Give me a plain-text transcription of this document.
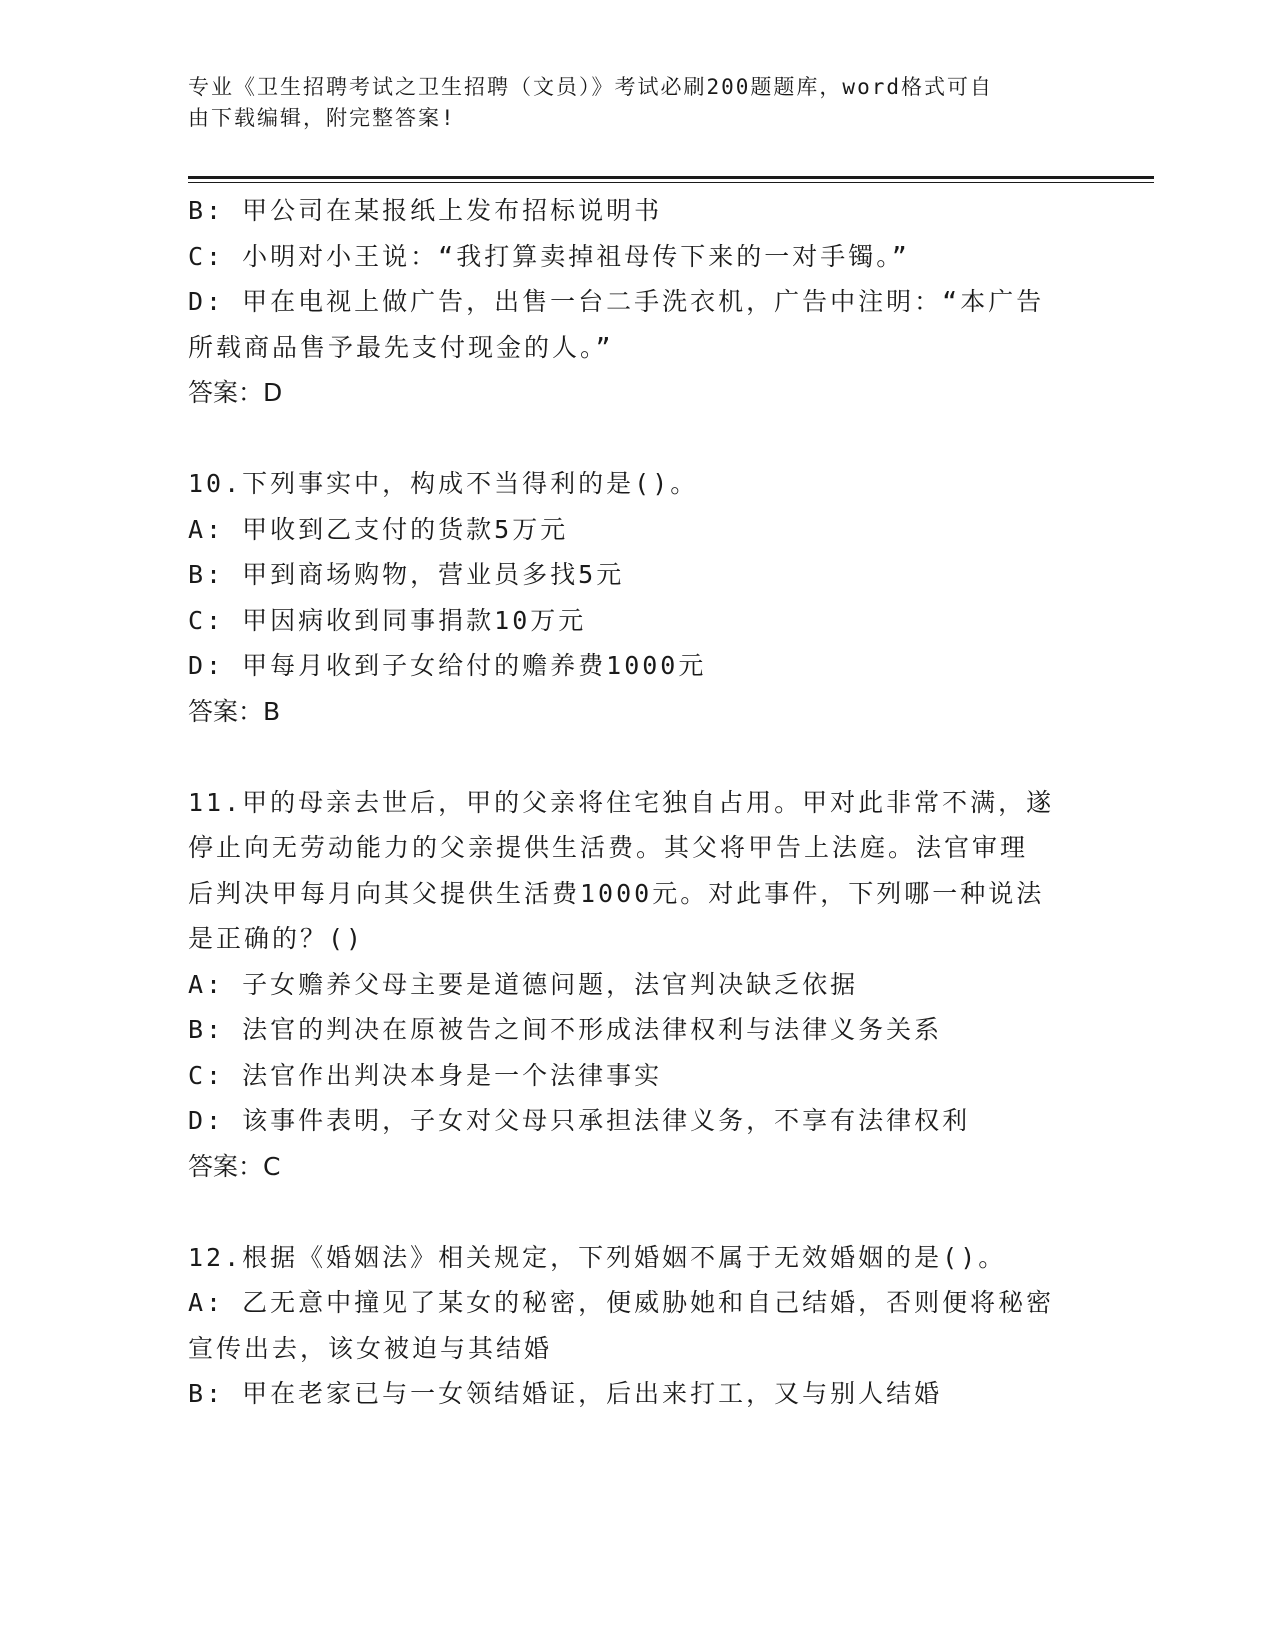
专业《卫生招聘考试之卫生招聘（文员）》考试必刷200题题库，word格式可自
由下载编辑，附完整答案!
B: 甲公司在某报纸上发布招标说明书
C: 小明对小王说：“我打算卖掉祖母传下来的一对手镯。”
D: 甲在电视上做广告，出售一台二手洗衣机，广告中注明：“本广告
所载商品售予最先支付现金的人。”
答案：D
10.下列事实中，构成不当得利的是()。
A: 甲收到乙支付的货款5万元
B: 甲到商场购物，营业员多找5元
C: 甲因病收到同事捐款10万元
D: 甲每月收到子女给付的赡养费1000元
答案：B
11.甲的母亲去世后，甲的父亲将住宅独自占用。甲对此非常不满，遂
停止向无劳动能力的父亲提供生活费。其父将甲告上法庭。法官审理
后判决甲每月向其父提供生活费1000元。对此事件，下列哪一种说法
是正确的？()
A: 子女赡养父母主要是道德问题，法官判决缺乏依据
B: 法官的判决在原被告之间不形成法律权利与法律义务关系
C: 法官作出判决本身是一个法律事实
D: 该事件表明，子女对父母只承担法律义务，不享有法律权利
答案：C
12.根据《婚姻法》相关规定，下列婚姻不属于无效婚姻的是()。
A: 乙无意中撞见了某女的秘密，便威胁她和自己结婚，否则便将秘密
宣传出去，该女被迫与其结婚
B: 甲在老家已与一女领结婚证，后出来打工，又与别人结婚
